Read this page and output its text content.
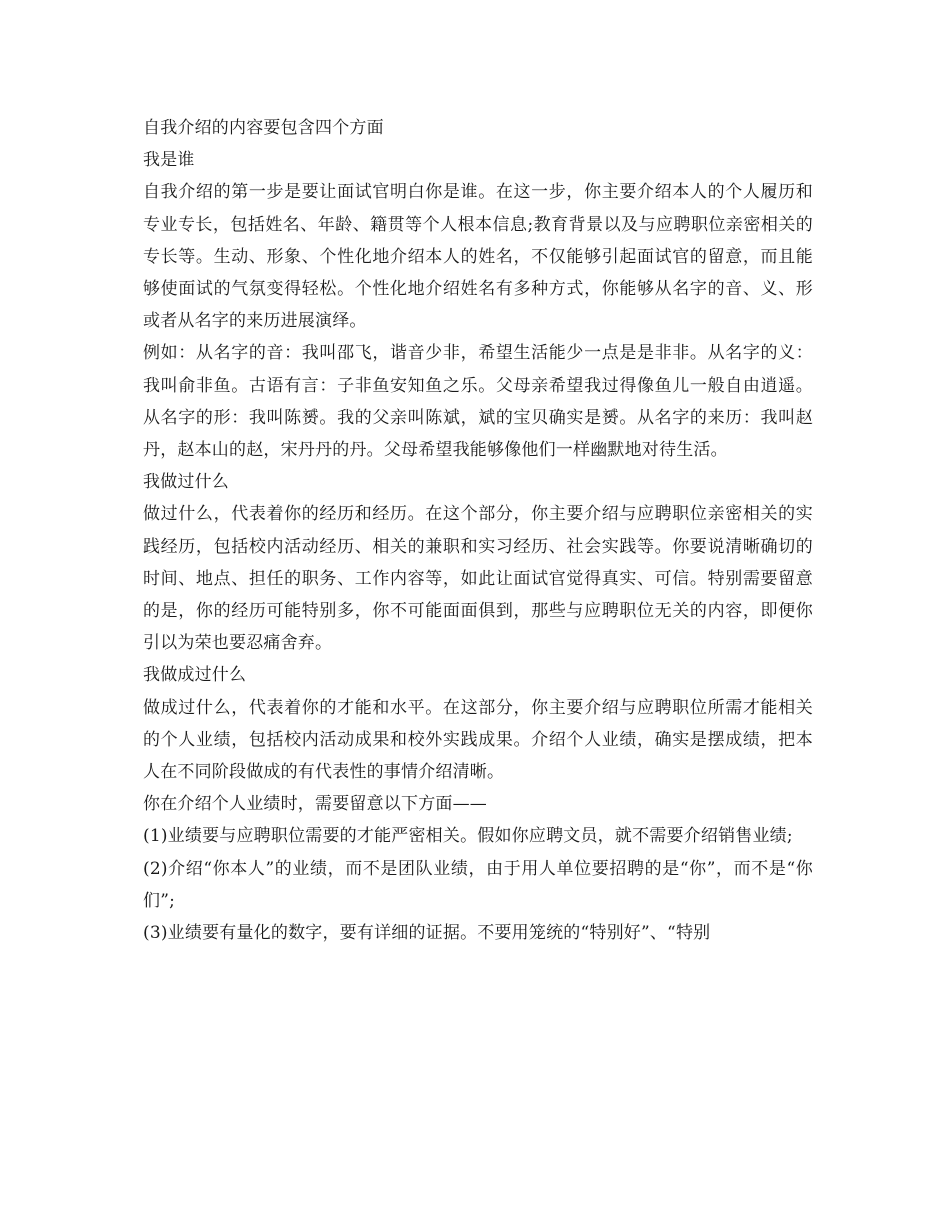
自我介绍的内容要包含四个方面

我是谁

自我介绍的第一步是要让面试官明白你是谁。在这一步，你主要介绍本人的个人履历和专业专长，包括姓名、年龄、籍贯等个人根本信息;教育背景以及与应聘职位亲密相关的专长等。生动、形象、个性化地介绍本人的姓名，不仅能够引起面试官的留意，而且能够使面试的气氛变得轻松。个性化地介绍姓名有多种方式，你能够从名字的音、义、形或者从名字的来历进展演绎。

例如：从名字的音：我叫邵飞，谐音少非，希望生活能少一点是是非非。从名字的义：我叫俞非鱼。古语有言：子非鱼安知鱼之乐。父母亲希望我过得像鱼儿一般自由逍遥。从名字的形：我叫陈赟。我的父亲叫陈斌，斌的宝贝确实是赟。从名字的来历：我叫赵丹，赵本山的赵，宋丹丹的丹。父母希望我能够像他们一样幽默地对待生活。

我做过什么

做过什么，代表着你的经历和经历。在这个部分，你主要介绍与应聘职位亲密相关的实践经历，包括校内活动经历、相关的兼职和实习经历、社会实践等。你要说清晰确切的时间、地点、担任的职务、工作内容等，如此让面试官觉得真实、可信。特别需要留意的是，你的经历可能特别多，你不可能面面俱到，那些与应聘职位无关的内容，即便你引以为荣也要忍痛舍弃。

我做成过什么

做成过什么，代表着你的才能和水平。在这部分，你主要介绍与应聘职位所需才能相关的个人业绩，包括校内活动成果和校外实践成果。介绍个人业绩，确实是摆成绩，把本人在不同阶段做成的有代表性的事情介绍清晰。

你在介绍个人业绩时，需要留意以下方面——

(1)业绩要与应聘职位需要的才能严密相关。假如你应聘文员，就不需要介绍销售业绩;

(2)介绍“你本人”的业绩，而不是团队业绩，由于用人单位要招聘的是“你”，而不是“你们”;

(3)业绩要有量化的数字，要有详细的证据。不要用笼统的“特别好”、“特别
